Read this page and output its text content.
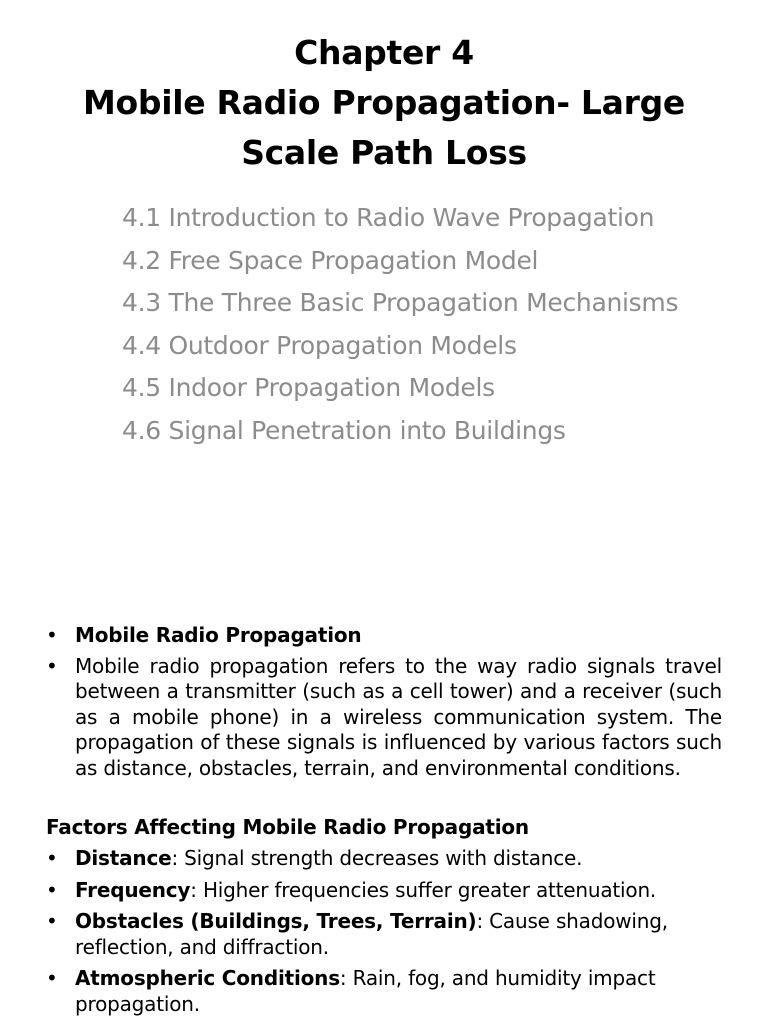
Chapter 4
Mobile Radio Propagation- Large
Scale Path Loss
4.1 Introduction to Radio Wave Propagation
4.2 Free Space Propagation Model
4.3 The Three Basic Propagation Mechanisms
4.4 Outdoor Propagation Models
4.5 Indoor Propagation Models
4.6 Signal Penetration into Buildings
• Mobile Radio Propagation
• Mobile radio propagation refers to the way radio signals travel between a transmitter (such as a cell tower) and a receiver (such as a mobile phone) in a wireless communication system. The propagation of these signals is influenced by various factors such as distance, obstacles, terrain, and environmental conditions.
Factors Affecting Mobile Radio Propagation
• Distance: Signal strength decreases with distance.
• Frequency: Higher frequencies suffer greater attenuation.
• Obstacles (Buildings, Trees, Terrain): Cause shadowing, reflection, and diffraction.
• Atmospheric Conditions: Rain, fog, and humidity impact propagation.
